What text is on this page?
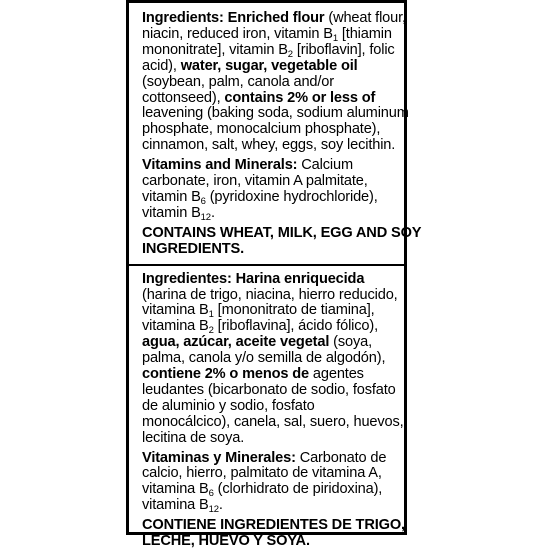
Ingredients: Enriched flour (wheat flour,
niacin, reduced iron, vitamin $B_1$ [thiamin
mononitrate], vitamin $B_2$ [riboflavin], folic
acid), water, sugar, vegetable oil
(soybean, palm, canola and/or
cottonseed), contains 2% or less of
leavening (baking soda, sodium aluminum
phosphate, monocalcium phosphate),
cinnamon, salt, whey, eggs, soy lecithin.
Vitamins and Minerals: Calcium
carbonate, iron, vitamin A palmitate,
vitamin $B_6$ (pyridoxine hydrochloride),
vitamin $B_{12}$.
CONTAINS WHEAT, MILK, EGG AND SOY
INGREDIENTS.
Ingredientes: Harina enriquecida
(harina de trigo, niacina, hierro reducido,
vitamina $B_1$ [mononitrato de tiamina],
vitamina $B_2$ [riboflavina], ácido fólico),
agua, azúcar, aceite vegetal (soya,
palma, canola y/o semilla de algodón),
contiene 2% o menos de agentes
leudantes (bicarbonato de sodio, fosfato
de aluminio y sodio, fosfato
monocálcico), canela, sal, suero, huevos,
lecitina de soya.
Vitaminas y Minerales: Carbonato de
calcio, hierro, palmitato de vitamina A,
vitamina $B_6$ (clorhidrato de piridoxina),
vitamina $B_{12}$.
CONTIENE INGREDIENTES DE TRIGO,
LECHE, HUEVO Y SOYA.
